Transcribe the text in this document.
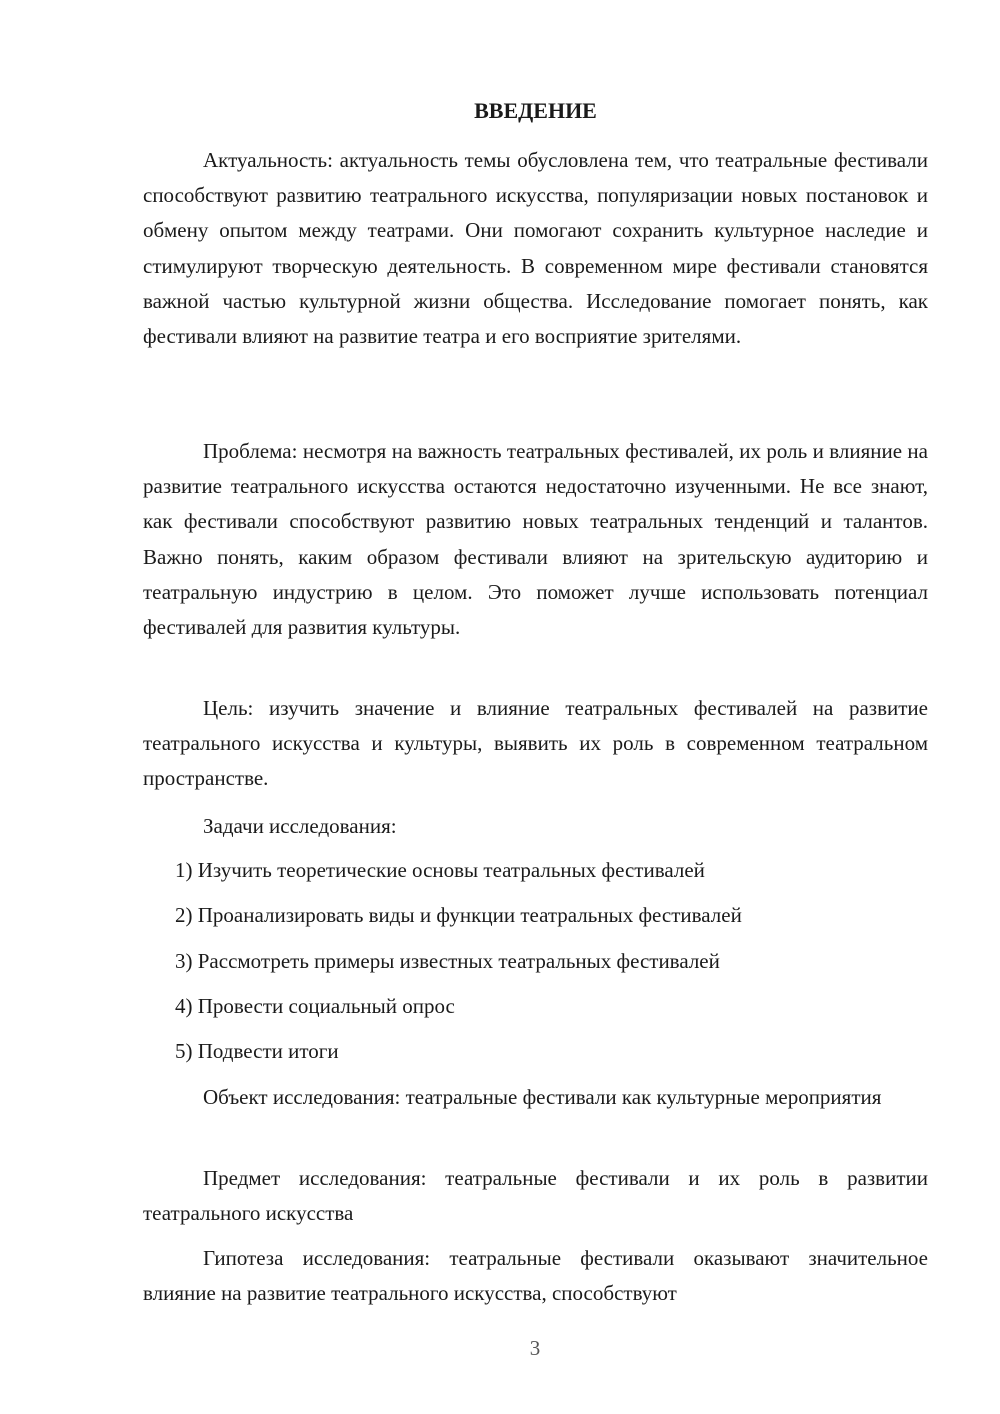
ВВЕДЕНИЕ

Актуальность: актуальность темы обусловлена тем, что театральные фестивали способствуют развитию театрального искусства, популяризации новых постановок и обмену опытом между театрами. Они помогают сохранить культурное наследие и стимулируют творческую деятельность. В современном мире фестивали становятся важной частью культурной жизни общества. Исследование помогает понять, как фестивали влияют на развитие театра и его восприятие зрителями.

Проблема: несмотря на важность театральных фестивалей, их роль и влияние на развитие театрального искусства остаются недостаточно изученными. Не все знают, как фестивали способствуют развитию новых театральных тенденций и талантов. Важно понять, каким образом фестивали влияют на зрительскую аудиторию и театральную индустрию в целом. Это поможет лучше использовать потенциал фестивалей для развития культуры.

Цель: изучить значение и влияние театральных фестивалей на развитие театрального искусства и культуры, выявить их роль в современном театральном пространстве.

Задачи исследования:

1) Изучить теоретические основы театральных фестивалей

2) Проанализировать виды и функции театральных фестивалей

3) Рассмотреть примеры известных театральных фестивалей

4) Провести социальный опрос

5) Подвести итоги

Объект исследования: театральные фестивали как культурные мероприятия

Предмет исследования: театральные фестивали и их роль в развитии театрального искусства

Гипотеза исследования: театральные фестивали оказывают значительное влияние на развитие театрального искусства, способствуют

3
